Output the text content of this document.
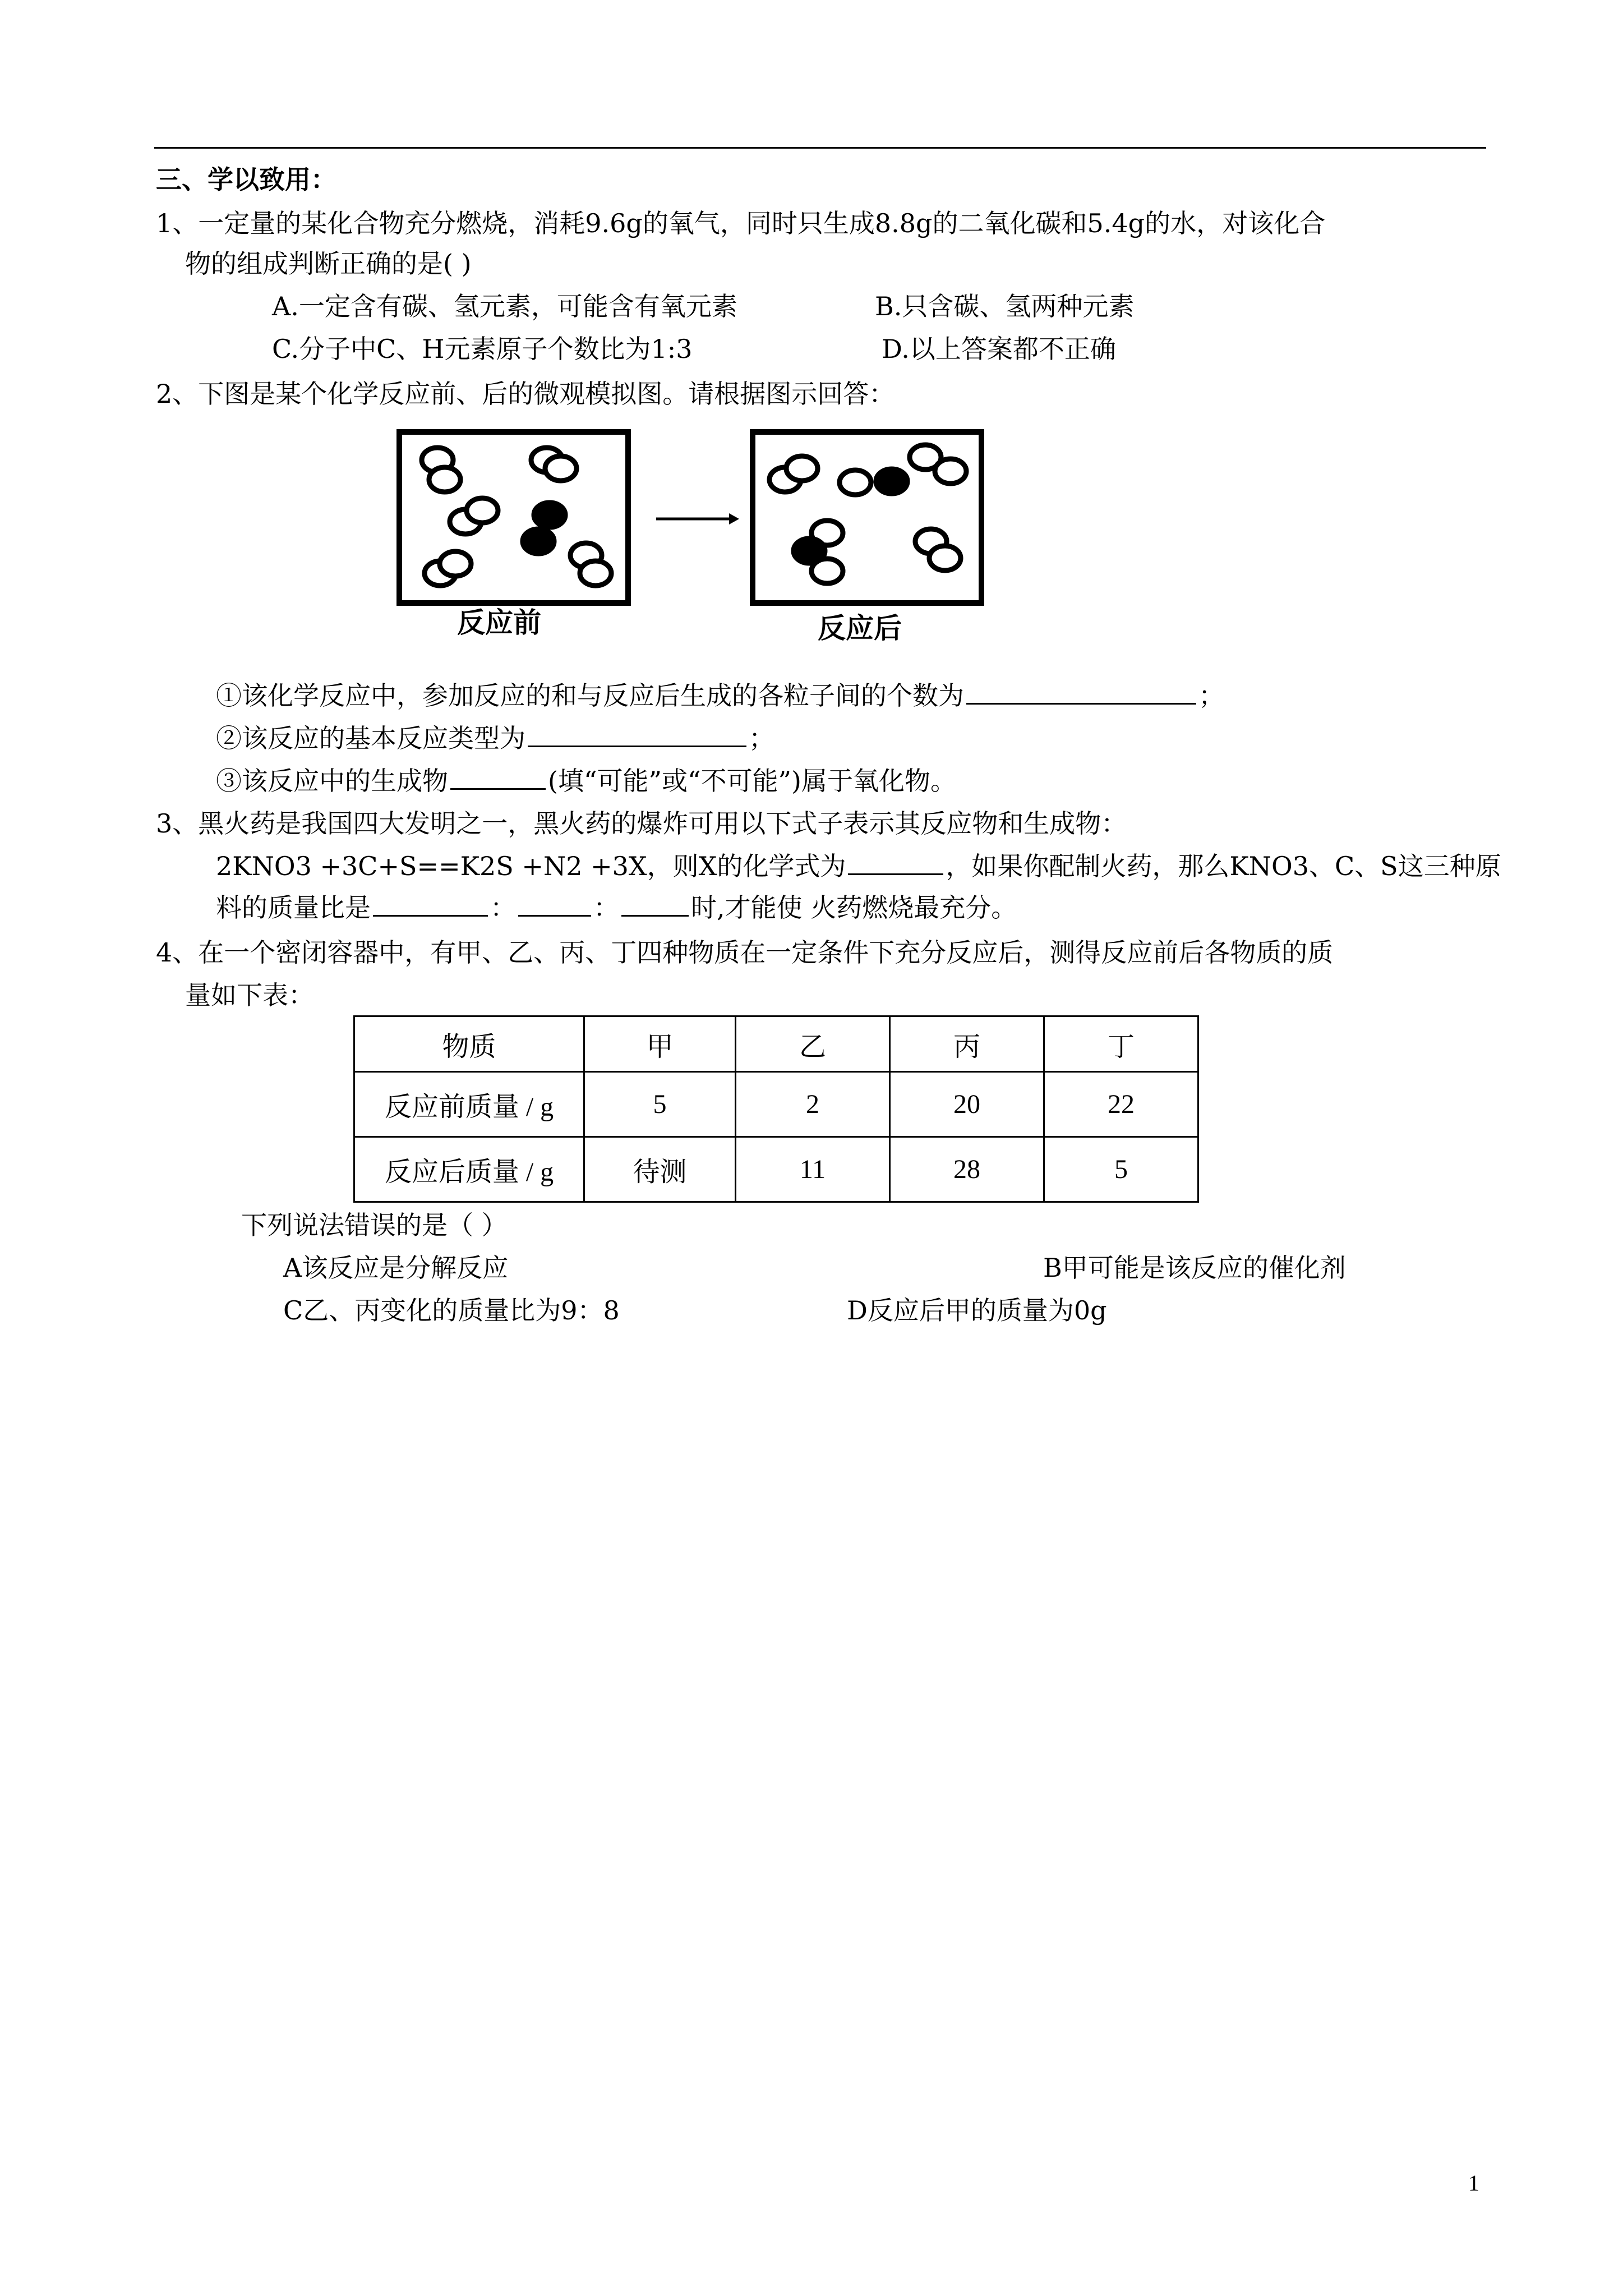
三、学以致用：
1、一定量的某化合物充分燃烧，消耗9.6g的氧气，同时只生成8.8g的二氧化碳和5.4g的水，对该化合
物的组成判断正确的是( )
A.一定含有碳、氢元素，可能含有氧元素	B.只含碳、氢两种元素
C.分子中C、H元素原子个数比为1:3	D.以上答案都不正确
2、下图是某个化学反应前、后的微观模拟图。请根据图示回答：
反应前	反应后
①该化学反应中，参加反应的和与反应后生成的各粒子间的个数为	；
②该反应的基本反应类型为	；
③该反应中的生成物	(填“可能”或“不可能”)属于氧化物。
3、黑火药是我国四大发明之一，黑火药的爆炸可用以下式子表示其反应物和生成物：
2KNO3 +3C+S==K2S +N2 +3X，则X的化学式为	，如果你配制火药，那么KNO3、C、S这三种原
料的质量比是	：	：	时,才能使 火药燃烧最充分。
4、在一个密闭容器中，有甲、乙、丙、丁四种物质在一定条件下充分反应后，测得反应前后各物质的质
量如下表：
物质	甲	乙	丙	丁
反应前质量 / g	5	2	20	22
反应后质量 / g	待测	11	28	5
下列说法错误的是（ ）
A该反应是分解反应	B甲可能是该反应的催化剂
C乙、丙变化的质量比为9：8	D反应后甲的质量为0g
1
